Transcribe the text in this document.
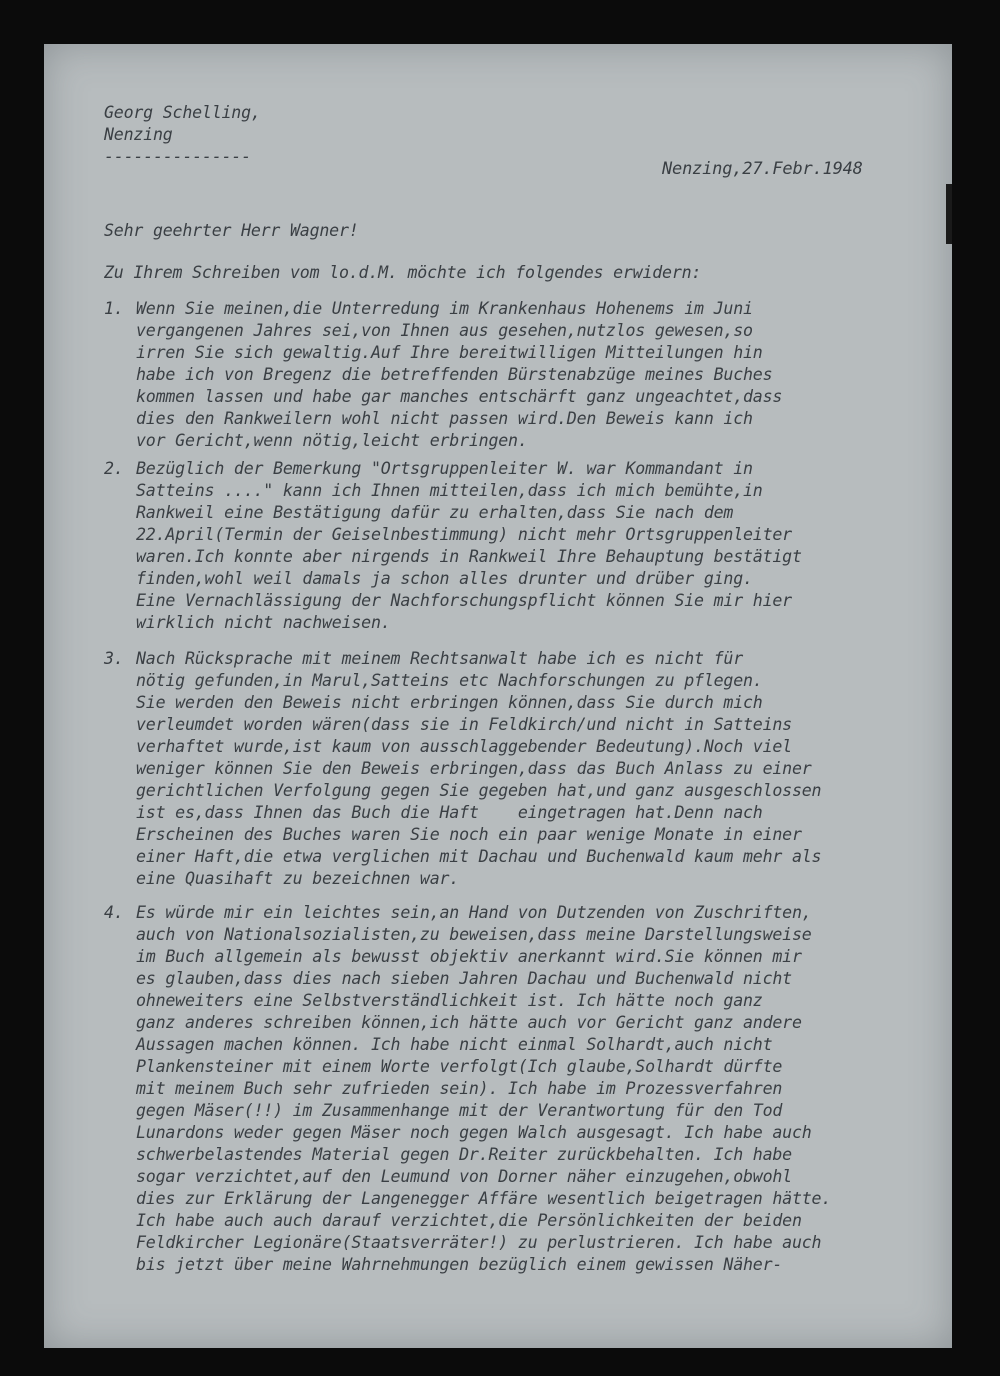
Georg Schelling,
Nenzing
---------------
Nenzing,27.Febr.1948
Sehr geehrter Herr Wagner!
Zu Ihrem Schreiben vom lo.d.M. möchte ich folgendes erwidern:
1. Wenn Sie meinen,die Unterredung im Krankenhaus Hohenems im Juni
vergangenen Jahres sei,von Ihnen aus gesehen,nutzlos gewesen,so
irren Sie sich gewaltig.Auf Ihre bereitwilligen Mitteilungen hin
habe ich von Bregenz die betreffenden Bürstenabzüge meines Buches
kommen lassen und habe gar manches entschärft ganz ungeachtet,dass
dies den Rankweilern wohl nicht passen wird.Den Beweis kann ich
vor Gericht,wenn nötig,leicht erbringen.
2. Bezüglich der Bemerkung "Ortsgruppenleiter W. war Kommandant in
Satteins ...." kann ich Ihnen mitteilen,dass ich mich bemühte,in
Rankweil eine Bestätigung dafür zu erhalten,dass Sie nach dem
22.April(Termin der Geiselnbestimmung) nicht mehr Ortsgruppenleiter
waren.Ich konnte aber nirgends in Rankweil Ihre Behauptung bestätigt
finden,wohl weil damals ja schon alles drunter und drüber ging.
Eine Vernachlässigung der Nachforschungspflicht können Sie mir hier
wirklich nicht nachweisen.
3. Nach Rücksprache mit meinem Rechtsanwalt habe ich es nicht für
nötig gefunden,in Marul,Satteins etc Nachforschungen zu pflegen.
Sie werden den Beweis nicht erbringen können,dass Sie durch mich
verleumdet worden wären(dass sie in Feldkirch/und nicht in Satteins
verhaftet wurde,ist kaum von ausschlaggebender Bedeutung).Noch viel
weniger können Sie den Beweis erbringen,dass das Buch Anlass zu einer
gerichtlichen Verfolgung gegen Sie gegeben hat,und ganz ausgeschlossen
ist es,dass Ihnen das Buch die Haft    eingetragen hat.Denn nach
Erscheinen des Buches waren Sie noch ein paar wenige Monate in einer
einer Haft,die etwa verglichen mit Dachau und Buchenwald kaum mehr als
eine Quasihaft zu bezeichnen war.
4. Es würde mir ein leichtes sein,an Hand von Dutzenden von Zuschriften,
auch von Nationalsozialisten,zu beweisen,dass meine Darstellungsweise
im Buch allgemein als bewusst objektiv anerkannt wird.Sie können mir
es glauben,dass dies nach sieben Jahren Dachau und Buchenwald nicht
ohneweiters eine Selbstverständlichkeit ist. Ich hätte noch ganz
ganz anderes schreiben können,ich hätte auch vor Gericht ganz andere
Aussagen machen können. Ich habe nicht einmal Solhardt,auch nicht
Plankensteiner mit einem Worte verfolgt(Ich glaube,Solhardt dürfte
mit meinem Buch sehr zufrieden sein). Ich habe im Prozessverfahren
gegen Mäser(!!) im Zusammenhange mit der Verantwortung für den Tod
Lunardons weder gegen Mäser noch gegen Walch ausgesagt. Ich habe auch
schwerbelastendes Material gegen Dr.Reiter zurückbehalten. Ich habe
sogar verzichtet,auf den Leumund von Dorner näher einzugehen,obwohl
dies zur Erklärung der Langenegger Affäre wesentlich beigetragen hätte.
Ich habe auch auch darauf verzichtet,die Persönlichkeiten der beiden
Feldkircher Legionäre(Staatsverräter!) zu perlustrieren. Ich habe auch
bis jetzt über meine Wahrnehmungen bezüglich einem gewissen Näher-
